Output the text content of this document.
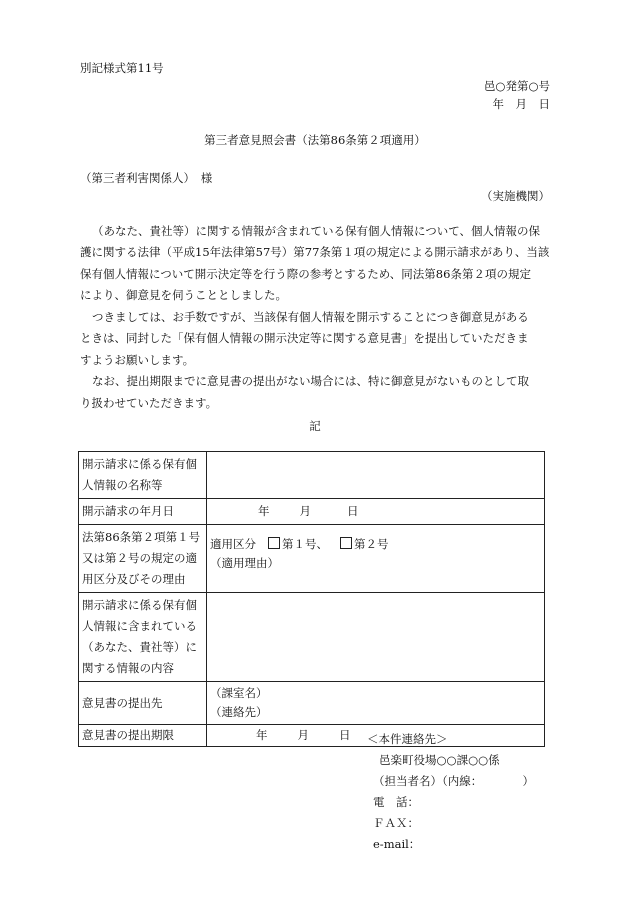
別記様式第11号
邑○発第○号
年　月　日
第三者意見照会書（法第86条第２項適用）
（第三者利害関係人）　様
（実施機関）
（あなた、貴社等）に関する情報が含まれている保有個人情報について、個人情報の保
護に関する法律（平成15年法律第57号）第77条第１項の規定による開示請求があり、当該
保有個人情報について開示決定等を行う際の参考とするため、同法第86条第２項の規定
により、御意見を伺うこととしました。
つきましては、お手数ですが、当該保有個人情報を開示することにつき御意見がある
ときは、同封した「保有個人情報の開示決定等に関する意見書」を提出していただきま
すようお願いします。
なお、提出期限までに意見書の提出がない場合には、特に御意見がないものとして取
り扱わせていただきます。
記
開示請求に係る保有個人情報の名称等	
開示請求の年月日	年 月 日
法第86条第２項第１号又は第２号の規定の適用区分及びその理由	適用区分 第１号、 第２号
（適用理由）

開示請求に係る保有個人情報に含まれている（あなた、貴社等）に関する情報の内容	
意見書の提出先	（課室名）
（連絡先）

意見書の提出期限	年 月 日 ＜本件連絡先＞
邑楽町役場○○課○○係
（担当者名）（内線：　　　　）
電　話：
ＦＡＸ：
e-mail：
